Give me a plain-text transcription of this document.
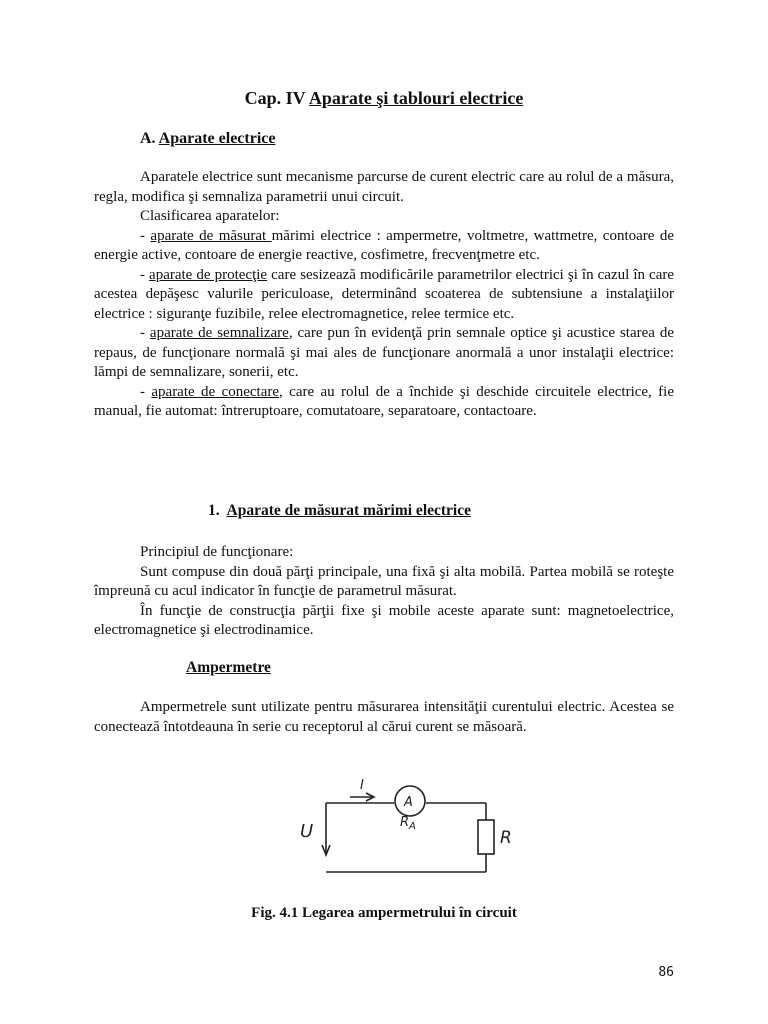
Cap. IV Aparate şi tablouri electrice
A. Aparate electrice

Aparatele electrice sunt mecanisme parcurse de curent electric care au rolul de a măsura, regla, modifica şi semnaliza parametrii unui circuit.

Clasificarea aparatelor:

- aparate de măsurat mărimi electrice : ampermetre, voltmetre, wattmetre, contoare de energie active, contoare de energie reactive, cosfimetre, frecvenţmetre etc.

- aparate de protecţie care sesizează modificările parametrilor electrici şi în cazul în care acestea depăşesc valurile periculoase, determinând scoaterea de subtensiune a instalaţiilor electrice : siguranţe fuzibile, relee electromagnetice, relee termice etc.

- aparate de semnalizare, care pun în evidenţă prin semnale optice şi acustice starea de repaus, de funcţionare normală şi mai ales de funcţionare anormală a unor instalaţii electrice: lămpi de semnalizare, sonerii, etc.

- aparate de conectare, care au rolul de a închide şi deschide circuitele electrice, fie manual, fie automat: întreruptoare, comutatoare, separatoare, contactoare.

1. Aparate de măsurat mărimi electrice

Principiul de funcţionare:

Sunt compuse din două părţi principale, una fixă şi alta mobilă. Partea mobilă se roteşte împreună cu acul indicator în funcţie de parametrul măsurat.

În funcţie de construcţia părţii fixe şi mobile aceste aparate sunt: magnetoelectrice, electromagnetice şi electrodinamice.

Ampermetre

Ampermetrele sunt utilizate pentru măsurarea intensităţii curentului electric. Acestea se conectează întotdeauna în serie cu receptorul al cărui curent se măsoară.

I
U
A
$R_A$
R

Fig. 4.1 Legarea ampermetrului în circuit

86
